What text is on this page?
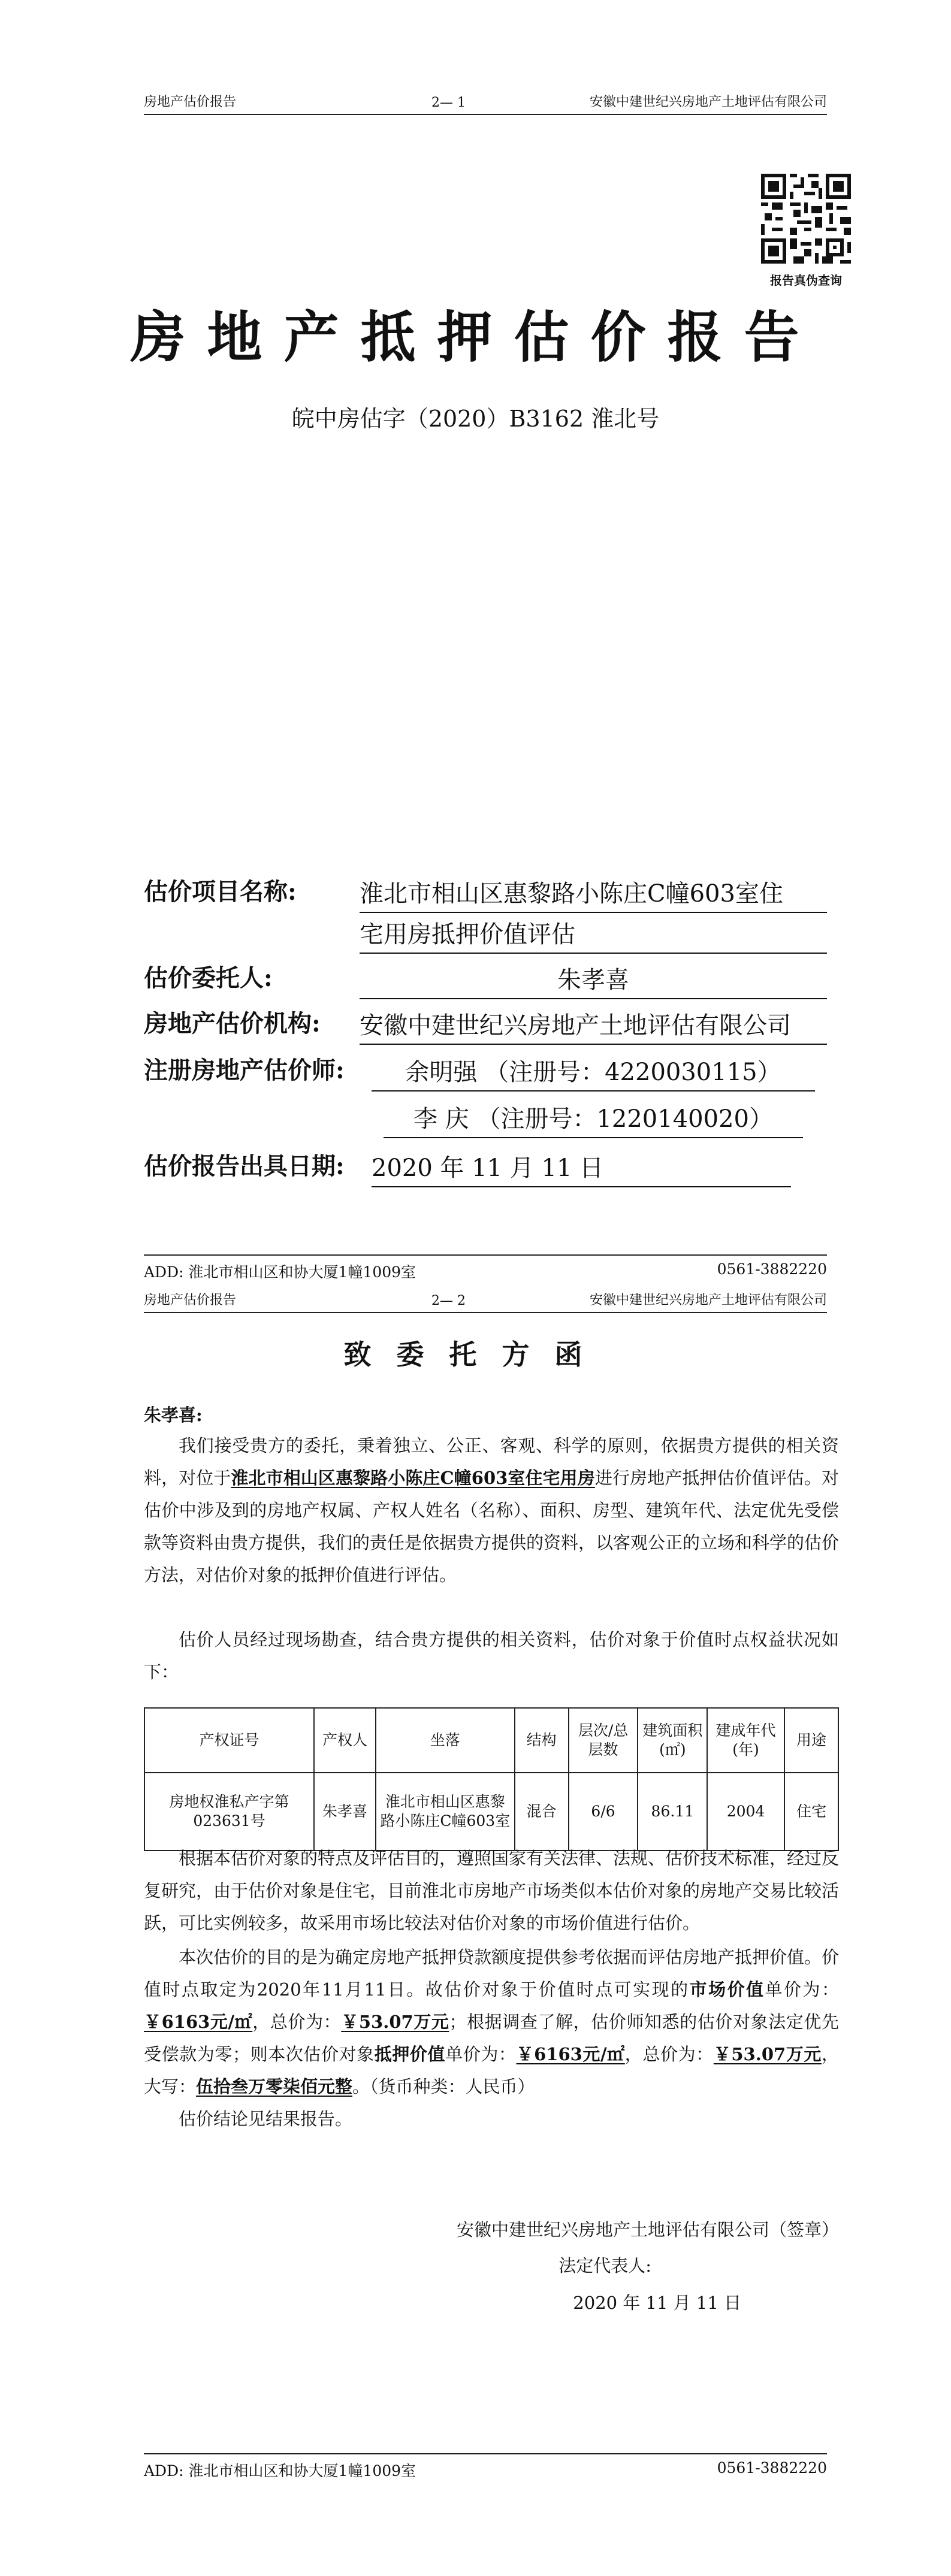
房地产估价报告	2— 1	安徽中建世纪兴房地产土地评估有限公司
报告真伪查询
房地产抵押估价报告
皖中房估字（2020）B3162 淮北号
估价项目名称:	淮北市相山区惠黎路小陈庄C幢603室住
宅用房抵押价值评估
估价委托人:	朱孝喜
房地产估价机构: 安徽中建世纪兴房地产土地评估有限公司
注册房地产估价师:	余明强 （注册号：4220030115）
李 庆 （注册号：1220140020）
估价报告出具日期: 2020 年 11 月 11 日
ADD: 淮北市相山区和协大厦1幢1009室	0561-3882220
房地产估价报告	2— 2	安徽中建世纪兴房地产土地评估有限公司
致委托方函
朱孝喜:

我们接受贵方的委托，秉着独立、公正、客观、科学的原则，依据贵方提供的相关资料，对位于淮北市相山区惠黎路小陈庄C幢603室住宅用房进行房地产抵押估价值评估。对估价中涉及到的房地产权属、产权人姓名（名称）、面积、房型、建筑年代、法定优先受偿款等资料由贵方提供，我们的责任是依据贵方提供的资料，以客观公正的立场和科学的估价方法，对估价对象的抵押价值进行评估。

估价人员经过现场勘查，结合贵方提供的相关资料，估价对象于价值时点权益状况如下：

产权证号	产权人	坐落	结构	层次/总层数	建筑面积(㎡)	建成年代(年)	用途
房地权淮私产字第023631号	朱孝喜	淮北市相山区惠黎路小陈庄C幢603室	混合	6/6	86.11	2004	住宅

根据本估价对象的特点及评估目的，遵照国家有关法律、法规、估价技术标准，经过反复研究，由于估价对象是住宅，目前淮北市房地产市场类似本估价对象的房地产交易比较活跃，可比实例较多，故采用市场比较法对估价对象的市场价值进行估价。

本次估价的目的是为确定房地产抵押贷款额度提供参考依据而评估房地产抵押价值。价值时点取定为2020年11月11日。故估价对象于价值时点可实现的市场价值单价为：￥6163元/㎡，总价为：￥53.07万元；根据调查了解，估价师知悉的估价对象法定优先受偿款为零；则本次估价对象抵押价值单价为：￥6163元/㎡，总价为：￥53.07万元，大写：伍拾叁万零柒佰元整。（货币种类：人民币）

估价结论见结果报告。

安徽中建世纪兴房地产土地评估有限公司（签章）
法定代表人:
2020 年 11 月 11 日
ADD: 淮北市相山区和协大厦1幢1009室	0561-3882220
